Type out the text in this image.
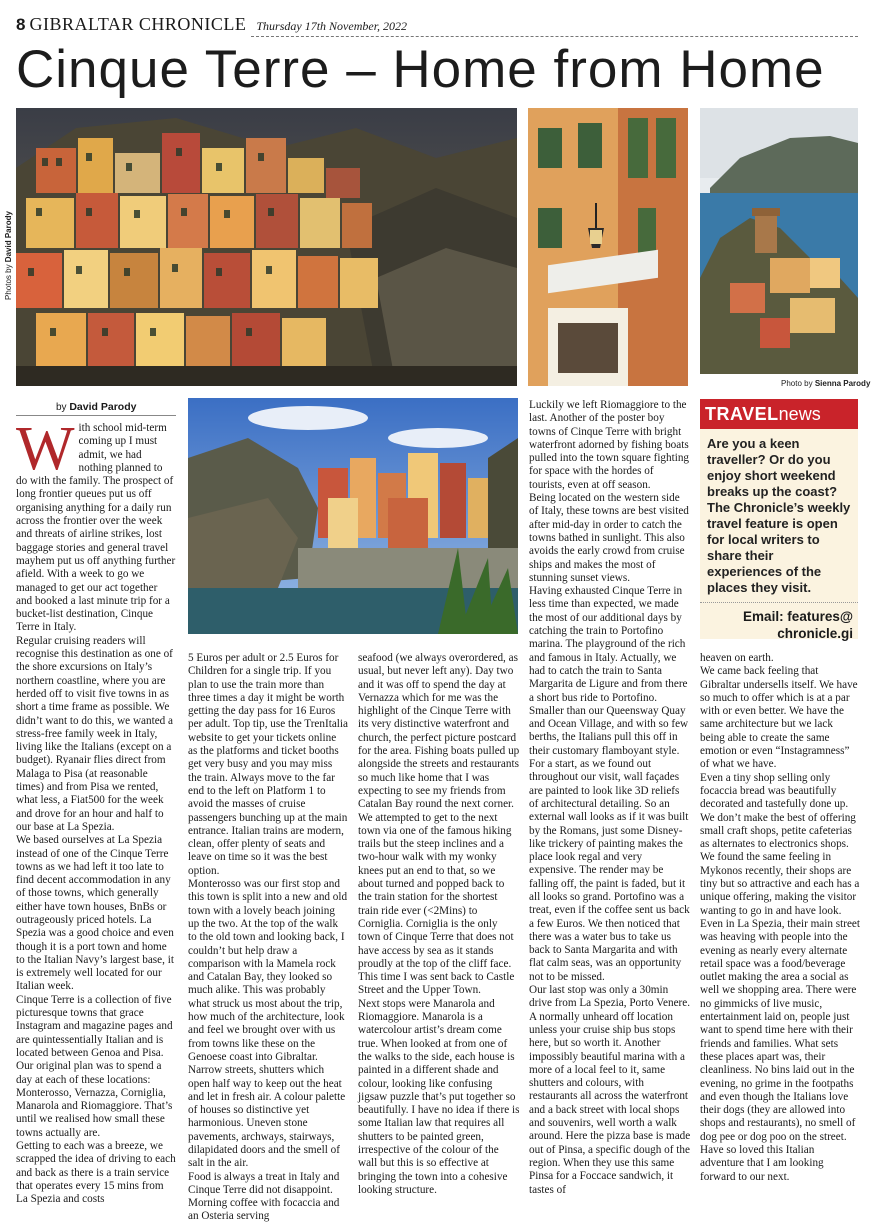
8 GIBRALTAR CHRONICLE Thursday 17th November, 2022
Cinque Terre – Home from Home
Photos by David Parody
Photo by Sienna Parody
by David Parody
W ith school mid-term coming up I must admit, we had nothing planned to do with the family. The prospect of long frontier queues put us off organising anything for a daily run across the frontier over the week and threats of airline strikes, lost baggage stories and general travel mayhem put us off anything further afield. With a week to go we managed to get our act together and booked a last minute trip for a bucket-list destination, Cinque Terre in Italy.

Regular cruising readers will recognise this destination as one of the shore excursions on Italy’s northern coastline, where you are herded off to visit five towns in as short a time frame as possible. We didn’t want to do this, we wanted a stress-free family week in Italy, living like the Italians (except on a budget). Ryanair flies direct from Malaga to Pisa (at reasonable times) and from Pisa we rented, what less, a Fiat500 for the week and drove for an hour and half to our base at La Spezia.

We based ourselves at La Spezia instead of one of the Cinque Terre towns as we had left it too late to find decent accommodation in any of those towns, which generally either have town houses, BnBs or outrageously priced hotels. La Spezia was a good choice and even though it is a port town and home to the Italian Navy’s largest base, it is extremely well located for our Italian week.

Cinque Terre is a collection of five picturesque towns that grace Instagram and magazine pages and are quintessentially Italian and is located between Genoa and Pisa. Our original plan was to spend a day at each of these locations: Monterosso, Vernazza, Corniglia, Manarola and Riomaggiore. That’s until we realised how small these towns actually are.

Getting to each was a breeze, we scrapped the idea of driving to each and back as there is a train service that operates every 15 mins from La Spezia and costs

5 Euros per adult or 2.5 Euros for Children for a single trip. If you plan to use the train more than three times a day it might be worth getting the day pass for 16 Euros per adult. Top tip, use the TrenItalia website to get your tickets online as the platforms and ticket booths get very busy and you may miss the train. Always move to the far end to the left on Platform 1 to avoid the masses of cruise passengers bunching up at the main entrance. Italian trains are modern, clean, offer plenty of seats and leave on time so it was the best option.

Monterosso was our first stop and this town is split into a new and old town with a lovely beach joining up the two. At the top of the walk to the old town and looking back, I couldn’t but help draw a comparison with la Mamela rock and Catalan Bay, they looked so much alike. This was probably what struck us most about the trip, how much of the architecture, look and feel we brought over with us from towns like these on the Genoese coast into Gibraltar. Narrow streets, shutters which open half way to keep out the heat and let in fresh air. A colour palette of houses so distinctive yet harmonious. Uneven stone pavements, archways, stairways, dilapidated doors and the smell of salt in the air.

Food is always a treat in Italy and Cinque Terre did not disappoint. Morning coffee with focaccia and an Osteria serving

seafood (we always overordered, as usual, but never left any). Day two and it was off to spend the day at Vernazza which for me was the highlight of the Cinque Terre with its very distinctive waterfront and church, the perfect picture postcard for the area. Fishing boats pulled up alongside the streets and restaurants so much like home that I was expecting to see my friends from Catalan Bay round the next corner. We attempted to get to the next town via one of the famous hiking trails but the steep inclines and a two-hour walk with my wonky knees put an end to that, so we about turned and popped back to the train station for the shortest train ride ever (<2Mins) to Corniglia. Corniglia is the only town of Cinque Terre that does not have access by sea as it stands proudly at the top of the cliff face. This time I was sent back to Castle Street and the Upper Town.

Next stops were Manarola and Riomaggiore. Manarola is a watercolour artist’s dream come true. When looked at from one of the walks to the side, each house is painted in a different shade and colour, looking like confusing jigsaw puzzle that’s put together so beautifully. I have no idea if there is some Italian law that requires all shutters to be painted green, irrespective of the colour of the wall but this is so effective at bringing the town into a cohesive looking structure.

Luckily we left Riomaggiore to the last. Another of the poster boy towns of Cinque Terre with bright waterfront adorned by fishing boats pulled into the town square fighting for space with the hordes of tourists, even at off season.

Being located on the western side of Italy, these towns are best visited after mid-day in order to catch the towns bathed in sunlight. This also avoids the early crowd from cruise ships and makes the most of stunning sunset views.

Having exhausted Cinque Terre in less time than expected, we made the most of our additional days by catching the train to Portofino marina. The playground of the rich and famous in Italy. Actually, we had to catch the train to Santa Margarita de Ligure and from there a short bus ride to Portofino. Smaller than our Queensway Quay and Ocean Village, and with so few berths, the Italians pull this off in their customary flamboyant style.

For a start, as we found out throughout our visit, wall façades are painted to look like 3D reliefs of architectural detailing. So an external wall looks as if it was built by the Romans, just some Disney-like trickery of painting makes the place look regal and very expensive. The render may be falling off, the paint is faded, but it all looks so grand. Portofino was a treat, even if the coffee sent us back a few Euros. We then noticed that there was a water bus to take us back to Santa Margarita and with flat calm seas, was an opportunity not to be missed.

Our last stop was only a 30min drive from La Spezia, Porto Venere. A normally unheard off location unless your cruise ship bus stops here, but so worth it. Another impossibly beautiful marina with a more of a local feel to it, same shutters and colours, with restaurants all across the waterfront and a back street with local shops and souvenirs, well worth a walk around. Here the pizza base is made out of Pinsa, a specific dough of the region. When they use this same Pinsa for a Foccace sandwich, it tastes of

TRAVELnews
Are you a keen traveller? Or do you enjoy short weekend breaks up the coast? The Chronicle’s weekly travel feature is open for local writers to share their experiences of the places they visit.
Email: features@
chronicle.gi

heaven on earth.

We came back feeling that Gibraltar undersells itself. We have so much to offer which is at a par with or even better. We have the same architecture but we lack being able to create the same emotion or even “Instagramness” of what we have.

Even a tiny shop selling only focaccia bread was beautifully decorated and tastefully done up.

We don’t make the best of offering small craft shops, petite cafeterias as alternates to electronics shops. We found the same feeling in Mykonos recently, their shops are tiny but so attractive and each has a unique offering, making the visitor wanting to go in and have look. Even in La Spezia, their main street was heaving with people into the evening as nearly every alternate retail space was a food/beverage outlet making the area a social as well we shopping area. There were no gimmicks of live music, entertainment laid on, people just want to spend time here with their friends and families. What sets these places apart was, their cleanliness. No bins laid out in the evening, no grime in the footpaths and even though the Italians love their dogs (they are allowed into shops and restaurants), no smell of dog pee or dog poo on the street.

Have so loved this Italian adventure that I am looking forward to our next.
